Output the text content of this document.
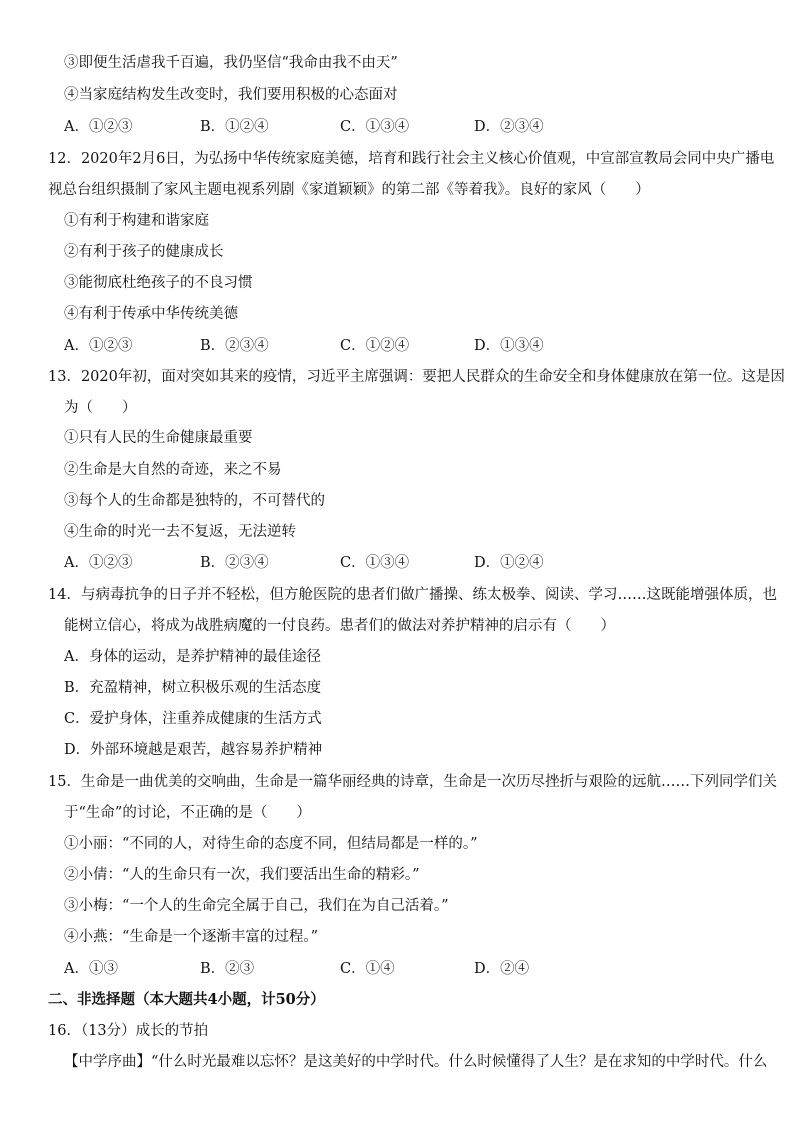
③即便生活虐我千百遍，我仍坚信“我命由我不由天”
④当家庭结构发生改变时，我们要用积极的心态面对
A．①②③	B．①②④	C．①③④	D．②③④
12．2020年2月6日，为弘扬中华传统家庭美德，培育和践行社会主义核心价值观，中宣部宣教局会同中央广播电
视总台组织摄制了家风主题电视系列剧《家道颖颖》的第二部《等着我》。良好的家风（　　）
①有利于构建和谐家庭
②有利于孩子的健康成长
③能彻底杜绝孩子的不良习惯
④有利于传承中华传统美德
A．①②③	B．②③④	C．①②④	D．①③④
13．2020年初，面对突如其来的疫情，习近平主席强调：要把人民群众的生命安全和身体健康放在第一位。这是因
为（　　）
①只有人民的生命健康最重要
②生命是大自然的奇迹，来之不易
③每个人的生命都是独特的，不可替代的
④生命的时光一去不复返，无法逆转
A．①②③	B．②③④	C．①③④	D．①②④
14．与病毒抗争的日子并不轻松，但方舱医院的患者们做广播操、练太极拳、阅读、学习……这既能增强体质，也
能树立信心，将成为战胜病魔的一付良药。患者们的做法对养护精神的启示有（　　）
A．身体的运动，是养护精神的最佳途径
B．充盈精神，树立积极乐观的生活态度
C．爱护身体，注重养成健康的生活方式
D．外部环境越是艰苦，越容易养护精神
15．生命是一曲优美的交响曲，生命是一篇华丽经典的诗章，生命是一次历尽挫折与艰险的远航……下列同学们关
于“生命”的讨论，不正确的是（　　）
①小丽：“不同的人，对待生命的态度不同，但结局都是一样的。”
②小倩：“人的生命只有一次，我们要活出生命的精彩。”
③小梅：“一个人的生命完全属于自己，我们在为自己活着。”
④小燕：“生命是一个逐渐丰富的过程。”
A．①③	B．②③	C．①④	D．②④
二、非选择题（本大题共4小题，计50分）
16．（13分）成长的节拍
【中学序曲】“什么时光最难以忘怀？是这美好的中学时代。什么时候懂得了人生？是在求知的中学时代。什么
